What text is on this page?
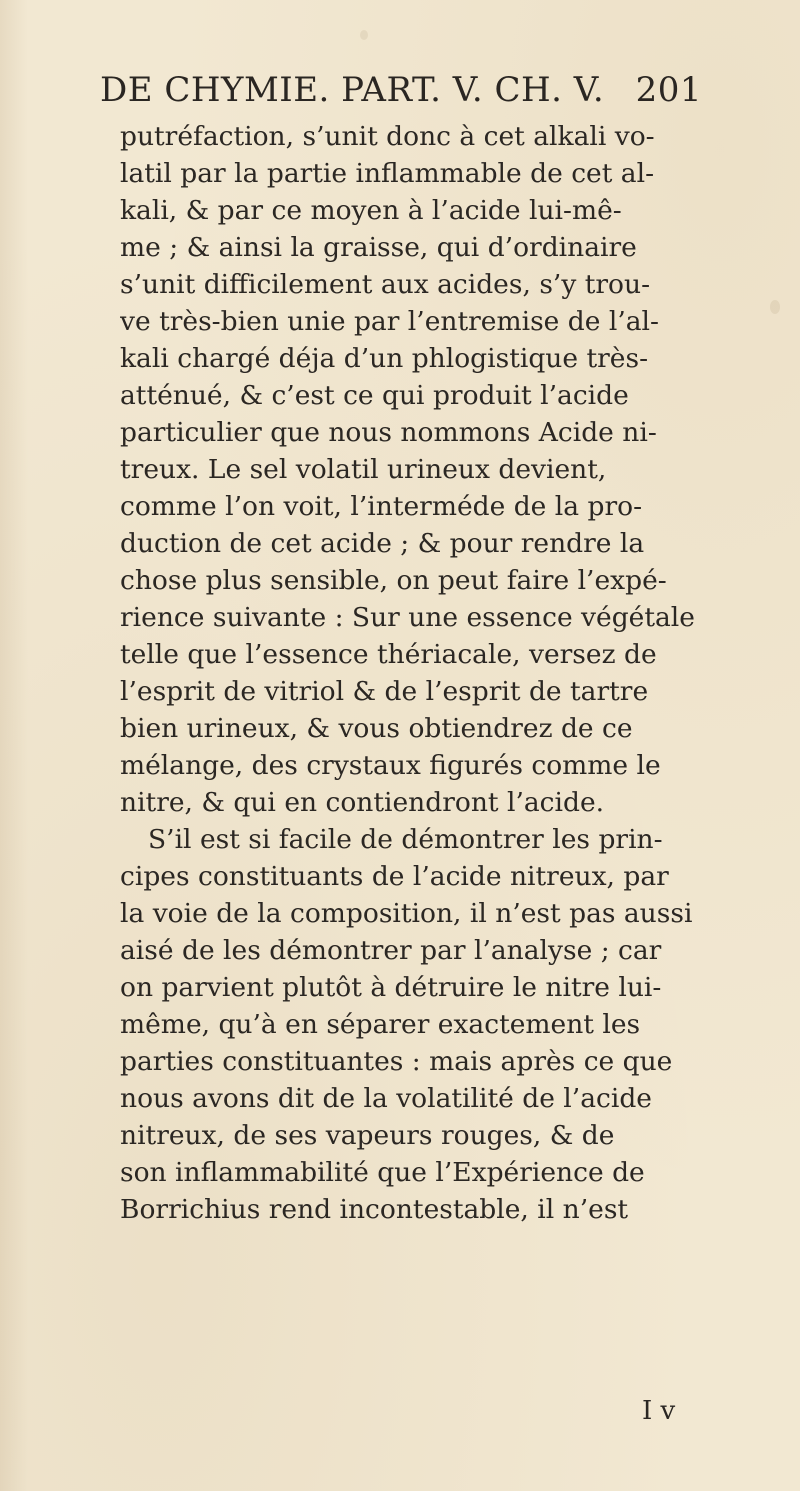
DE CHYMIE. PART. V. CH. V. 201
putréfaction, s’unit donc à cet alkali vo-
latil par la partie inflammable de cet al-
kali, & par ce moyen à l’acide lui-mê-
me ; & ainsi la graisse, qui d’ordinaire
s’unit difficilement aux acides, s’y trou-
ve très-bien unie par l’entremise de l’al-
kali chargé déja d’un phlogistique très-
atténué, & c’est ce qui produit l’acide
particulier que nous nommons Acide ni-
treux. Le sel volatil urineux devient,
comme l’on voit, l’interméde de la pro-
duction de cet acide ; & pour rendre la
chose plus sensible, on peut faire l’expé-
rience suivante : Sur une essence végétale
telle que l’essence thériacale, versez de
l’esprit de vitriol & de l’esprit de tartre
bien urineux, & vous obtiendrez de ce
mélange, des crystaux figurés comme le
nitre, & qui en contiendront l’acide.
S’il est si facile de démontrer les prin-
cipes constituants de l’acide nitreux, par
la voie de la composition, il n’est pas aussi
aisé de les démontrer par l’analyse ; car
on parvient plutôt à détruire le nitre lui-
même, qu’à en séparer exactement les
parties constituantes : mais après ce que
nous avons dit de la volatilité de l’acide
nitreux, de ses vapeurs rouges, & de
son inflammabilité que l’Expérience de
Borrichius rend incontestable, il n’est
I v
